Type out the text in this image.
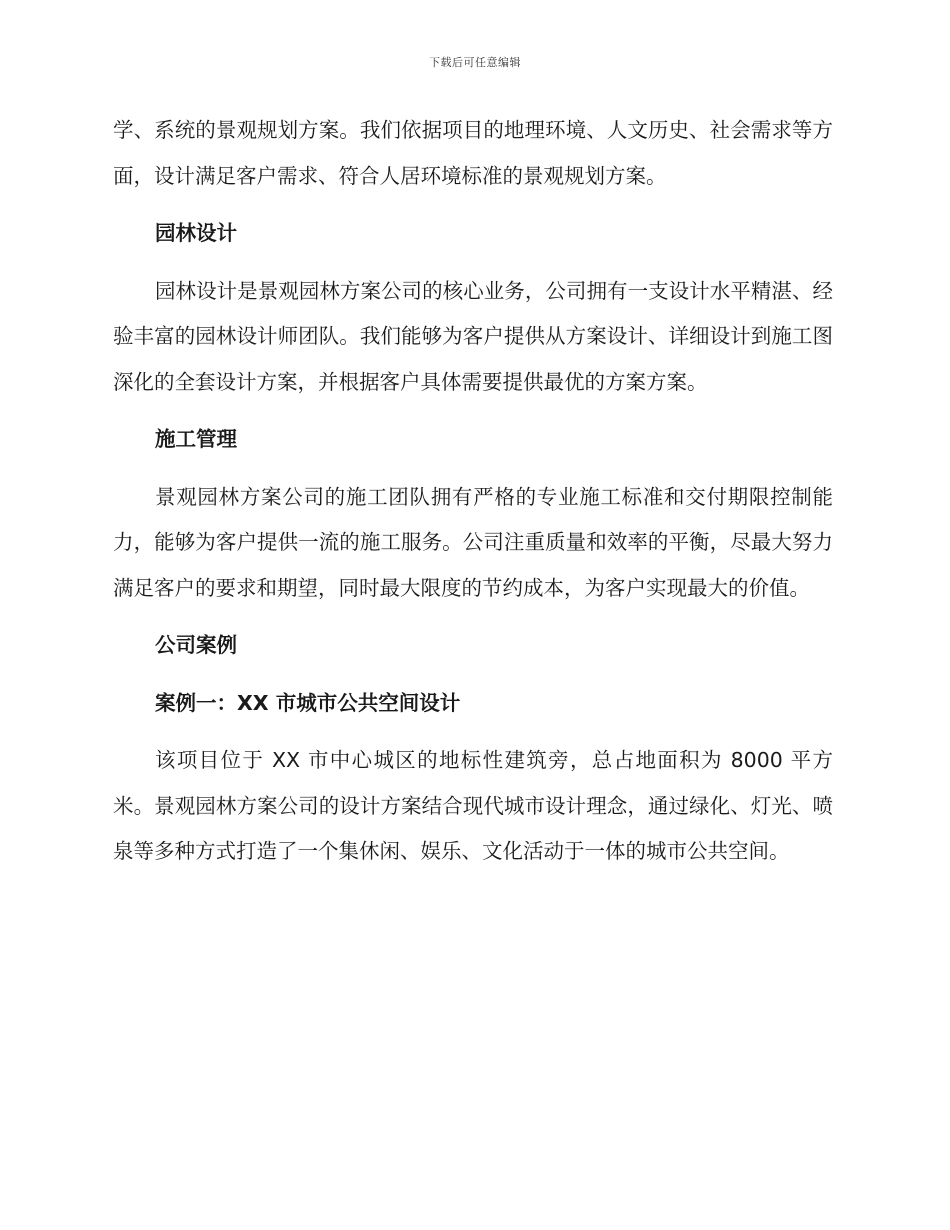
下载后可任意编辑

学、系统的景观规划方案。我们依据项目的地理环境、人文历史、社会需求等方面，设计满足客户需求、符合人居环境标准的景观规划方案。

园林设计

园林设计是景观园林方案公司的核心业务，公司拥有一支设计水平精湛、经验丰富的园林设计师团队。我们能够为客户提供从方案设计、详细设计到施工图深化的全套设计方案，并根据客户具体需要提供最优的方案方案。

施工管理

景观园林方案公司的施工团队拥有严格的专业施工标准和交付期限控制能力，能够为客户提供一流的施工服务。公司注重质量和效率的平衡，尽最大努力满足客户的要求和期望，同时最大限度的节约成本，为客户实现最大的价值。

公司案例
案例一：XX 市城市公共空间设计

该项目位于 XX 市中心城区的地标性建筑旁，总占地面积为 8000 平方米。景观园林方案公司的设计方案结合现代城市设计理念，通过绿化、灯光、喷泉等多种方式打造了一个集休闲、娱乐、文化活动于一体的城市公共空间。
